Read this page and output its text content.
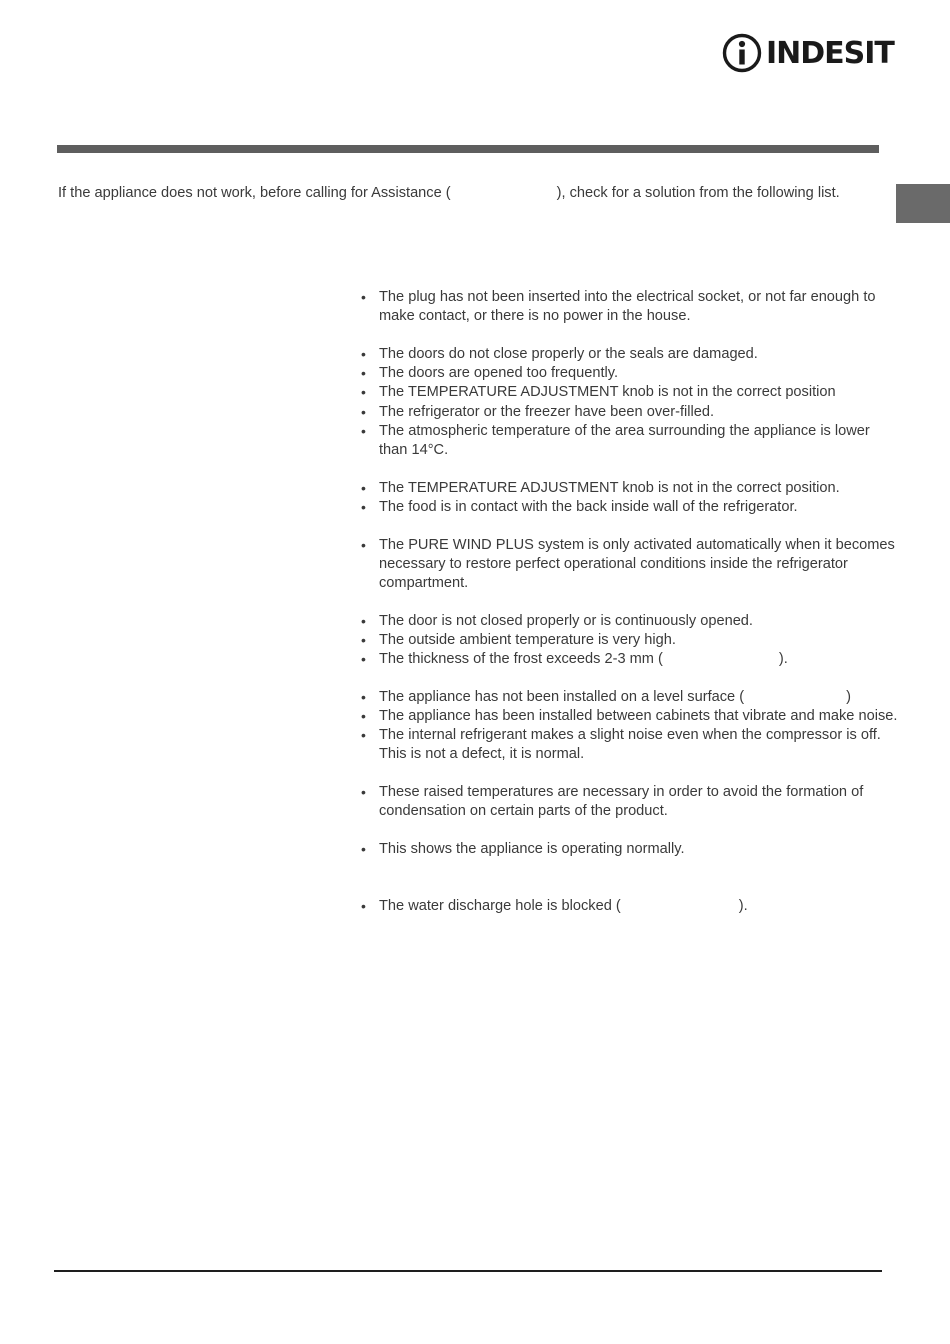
INDESIT
If the appliance does not work, before calling for Assistance (	), check for a solution from the following list.
• The plug has not been inserted into the electrical socket, or not far enough to make contact, or there is no power in the house.
• The doors do not close properly or the seals are damaged.
• The doors are opened too frequently.
• The TEMPERATURE ADJUSTMENT knob is not in the correct position
• The refrigerator or the freezer have been over-filled.
• The atmospheric temperature of the area surrounding the appliance is lower than 14°C.
• The TEMPERATURE ADJUSTMENT knob is not in the correct position.
• The food is in contact with the back inside wall of the refrigerator.
• The PURE WIND PLUS system is only activated automatically when it becomes necessary to restore perfect operational conditions inside the refrigerator compartment.
• The door is not closed properly or is continuously opened.
• The outside ambient temperature is very high.
• The thickness of the frost exceeds 2-3 mm (	).
• The appliance has not been installed on a level surface (	)
• The appliance has been installed between cabinets that vibrate and make noise.
• The internal refrigerant makes a slight noise even when the compressor is off. This is not a defect, it is normal.
• These raised temperatures are necessary in order to avoid the formation of condensation on certain parts of the product.
• This shows the appliance is operating normally.
• The water discharge hole is blocked (	).
